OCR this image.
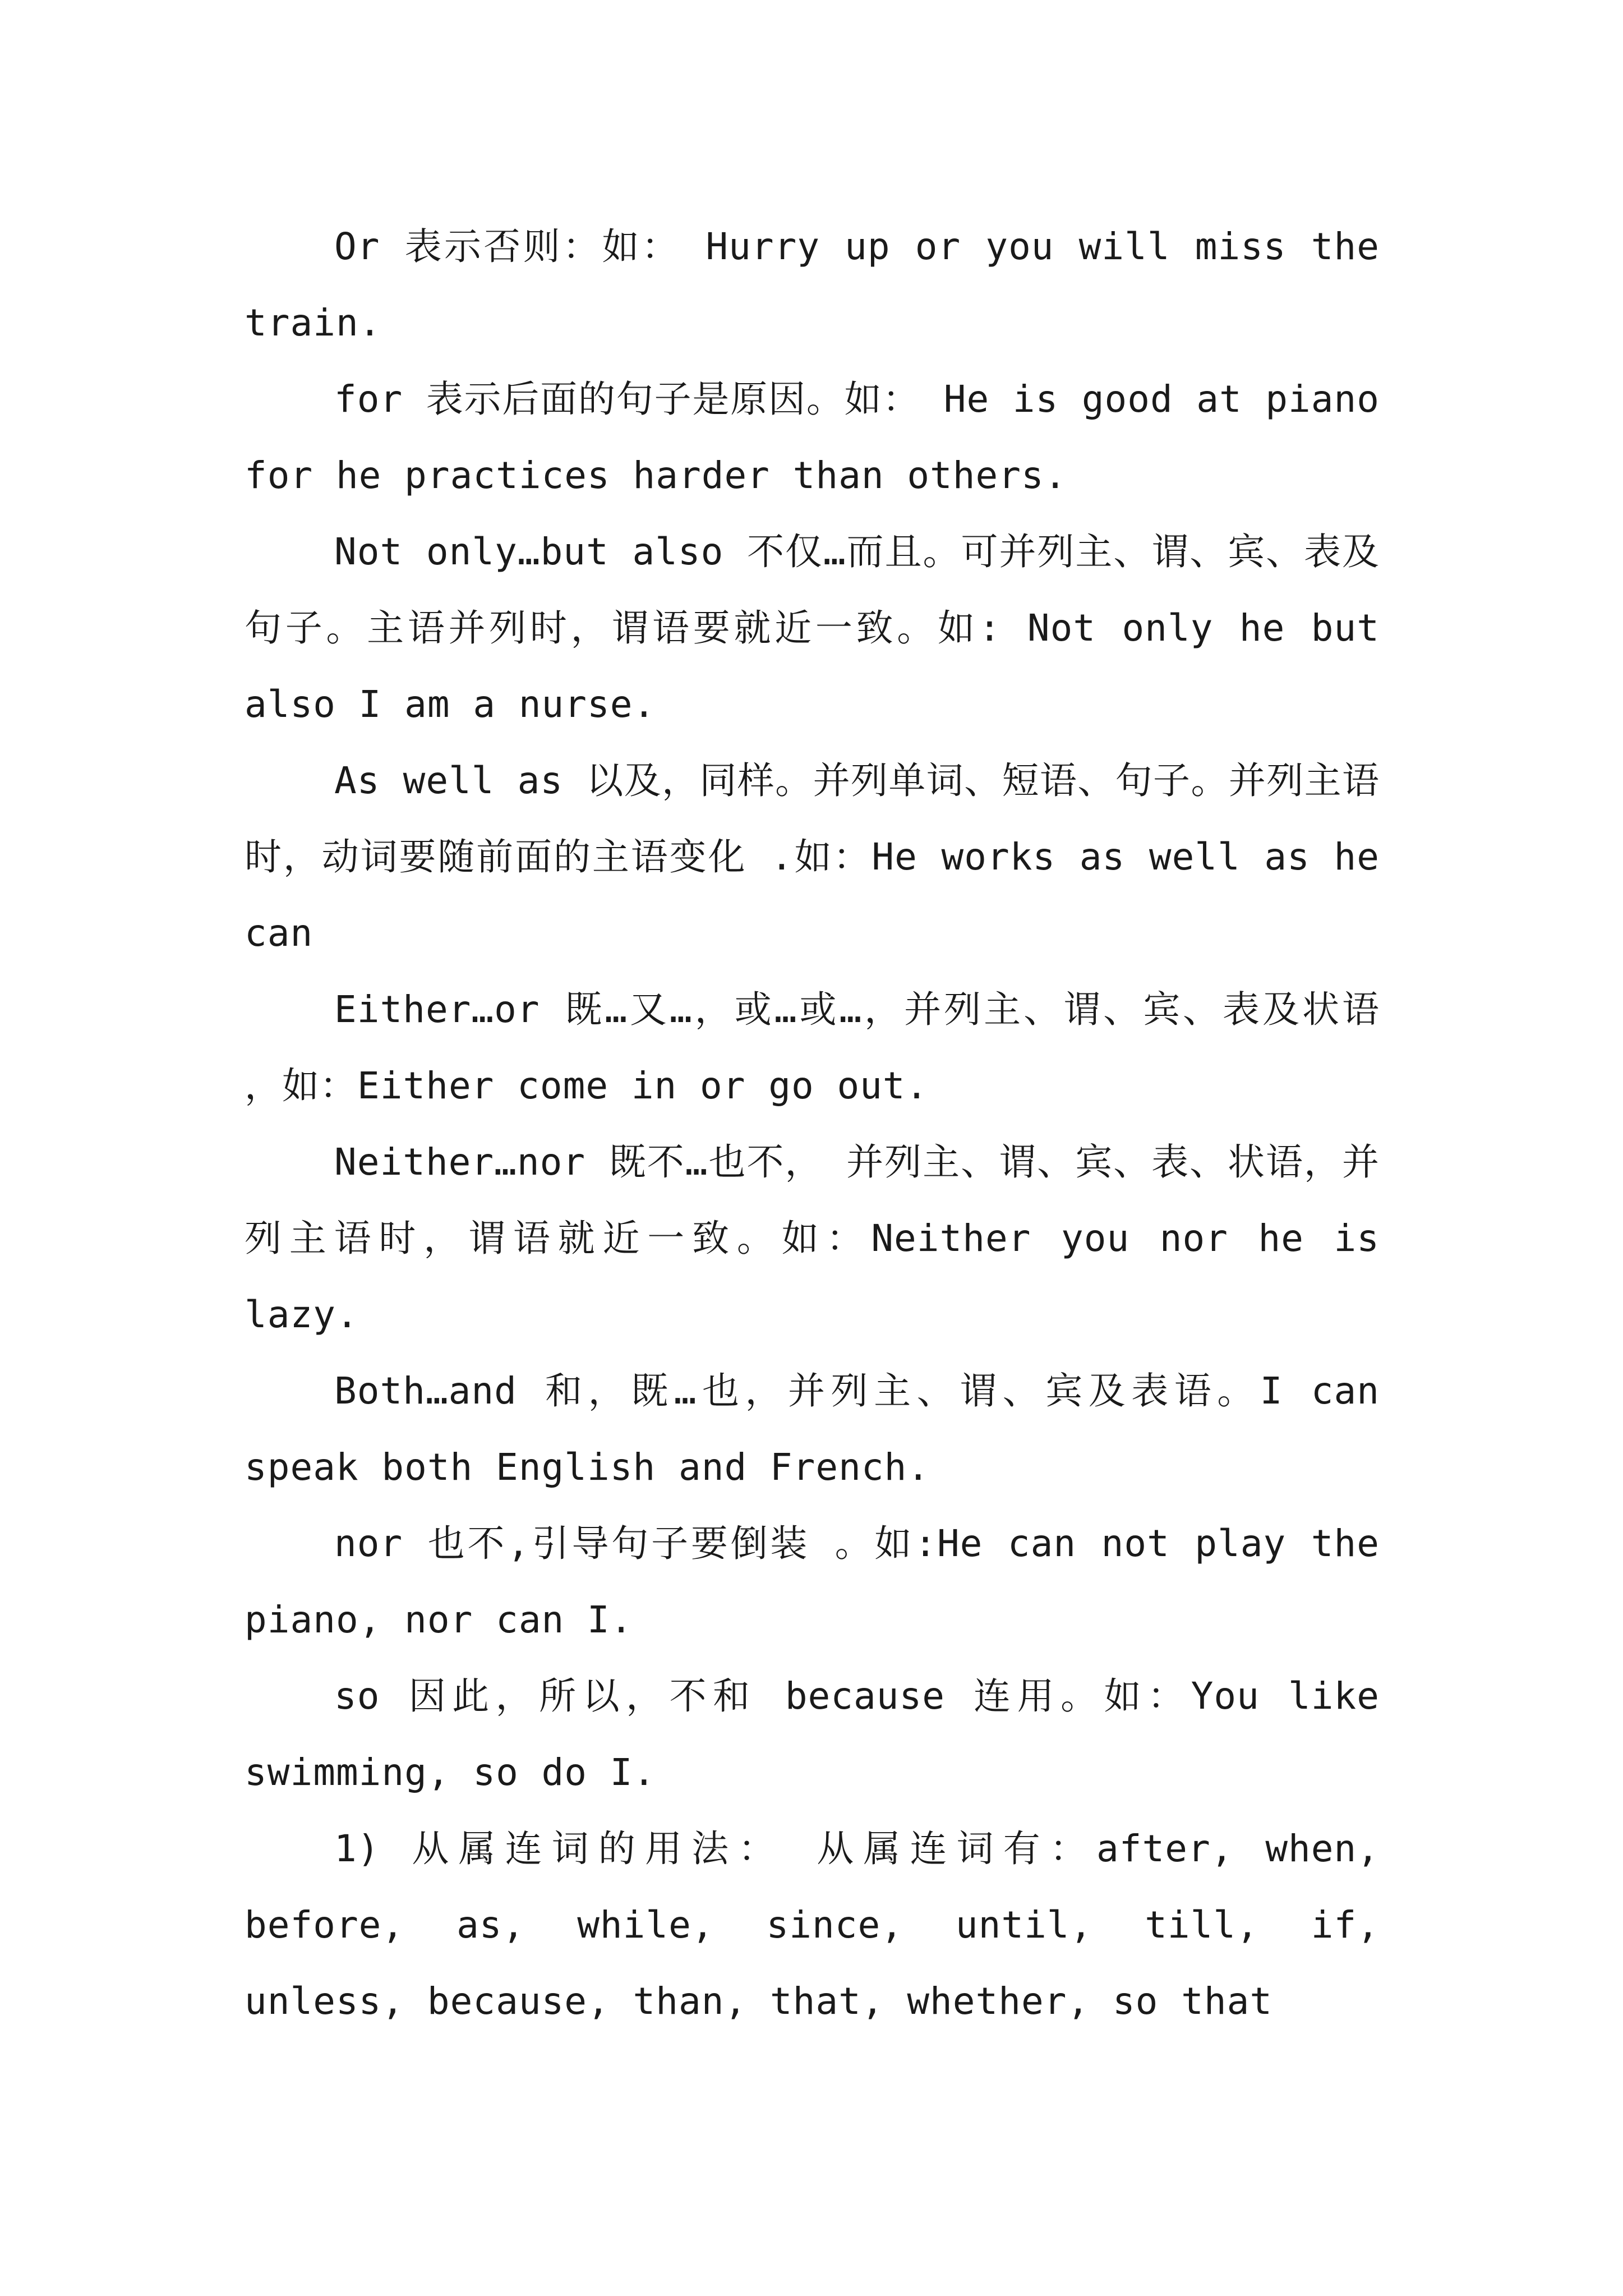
Or 表示否则：如： Hurry up or you will miss the train.

for 表示后面的句子是原因。如： He is good at piano for he practices harder than others.

Not only…but also 不仅…而且。可并列主、谓、宾、表及句子。主语并列时，谓语要就近一致。如: Not only he but also I am a nurse.

As well as 以及，同样。并列单词、短语、句子。并列主语时，动词要随前面的主语变化 .如：He works as well as he can

Either…or 既…又…，或…或…，并列主、谓、宾、表及状语 ，如：Either come in or go out.

Neither…nor 既不…也不， 并列主、谓、宾、表、状语，并列主语时，谓语就近一致。如：Neither you nor he is lazy.

Both…and 和，既…也，并列主、谓、宾及表语。I can speak both English and French.

nor 也不,引导句子要倒装 。如:He can not play the piano, nor can I.

so 因此，所以，不和 because 连用。如：You like swimming, so do I.

1) 从属连词的用法： 从属连词有：after, when, before, as, while, since, until, till, if, unless, because, than, that, whether, so that
